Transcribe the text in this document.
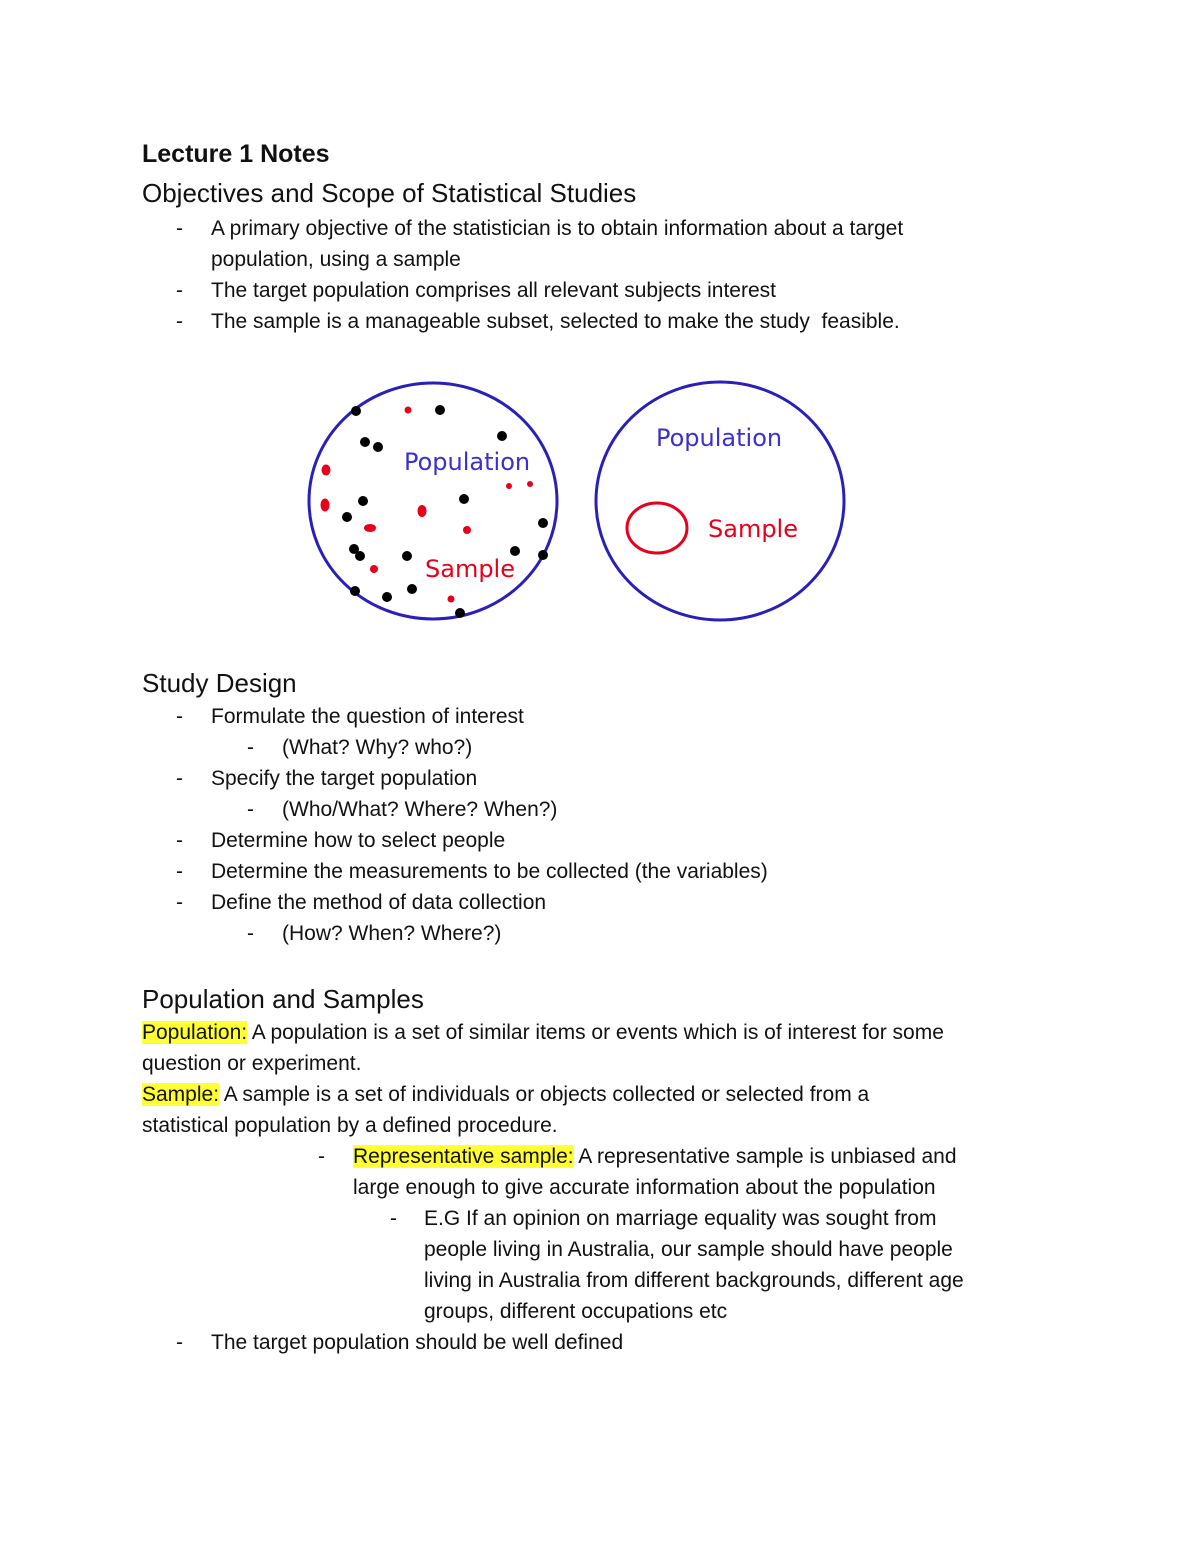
Lecture 1 Notes
Objectives and Scope of Statistical Studies
- A primary objective of the statistician is to obtain information about a target
population, using a sample
- The target population comprises all relevant subjects interest
- The sample is a manageable subset, selected to make the study  feasible.
Population
Sample
Population
Sample
Study Design
- Formulate the question of interest
- (What? Why? who?)
- Specify the target population
- (Who/What? Where? When?)
- Determine how to select people
- Determine the measurements to be collected (the variables)
- Define the method of data collection
- (How? When? Where?)
Population and Samples
Population: A population is a set of similar items or events which is of interest for some
question or experiment.
Sample: A sample is a set of individuals or objects collected or selected from a
statistical population by a defined procedure.
- Representative sample: A representative sample is unbiased and
large enough to give accurate information about the population
- E.G If an opinion on marriage equality was sought from
people living in Australia, our sample should have people
living in Australia from different backgrounds, different age
groups, different occupations etc
- The target population should be well defined
